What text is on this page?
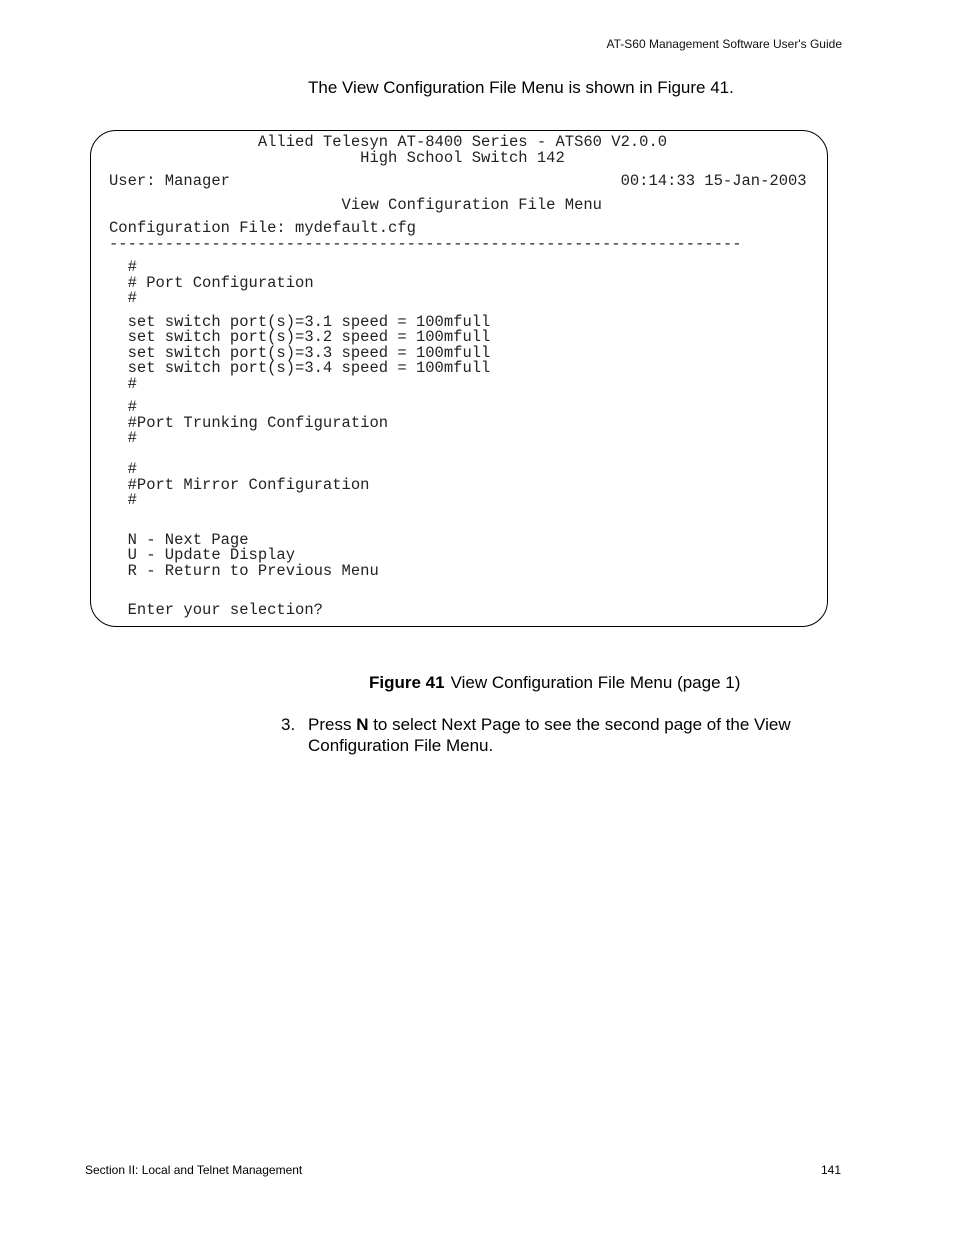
AT-S60 Management Software User's Guide
The View Configuration File Menu is shown in Figure 41.
Allied Telesyn AT-8400 Series - ATS60 V2.0.0
High School Switch 142
User: Manager                                          00:14:33 15-Jan-2003
View Configuration File Menu
Configuration File: mydefault.cfg
--------------------------------------------------------------------
#
# Port Configuration
#
set switch port(s)=3.1 speed = 100mfull
set switch port(s)=3.2 speed = 100mfull
set switch port(s)=3.3 speed = 100mfull
set switch port(s)=3.4 speed = 100mfull
#
#
#Port Trunking Configuration
#
#
#Port Mirror Configuration
#
N - Next Page
U - Update Display
R - Return to Previous Menu
Enter your selection?
Figure 41 View Configuration File Menu (page 1)
3. Press N to select Next Page to see the second page of the View Configuration File Menu.
Section II: Local and Telnet Management	141
